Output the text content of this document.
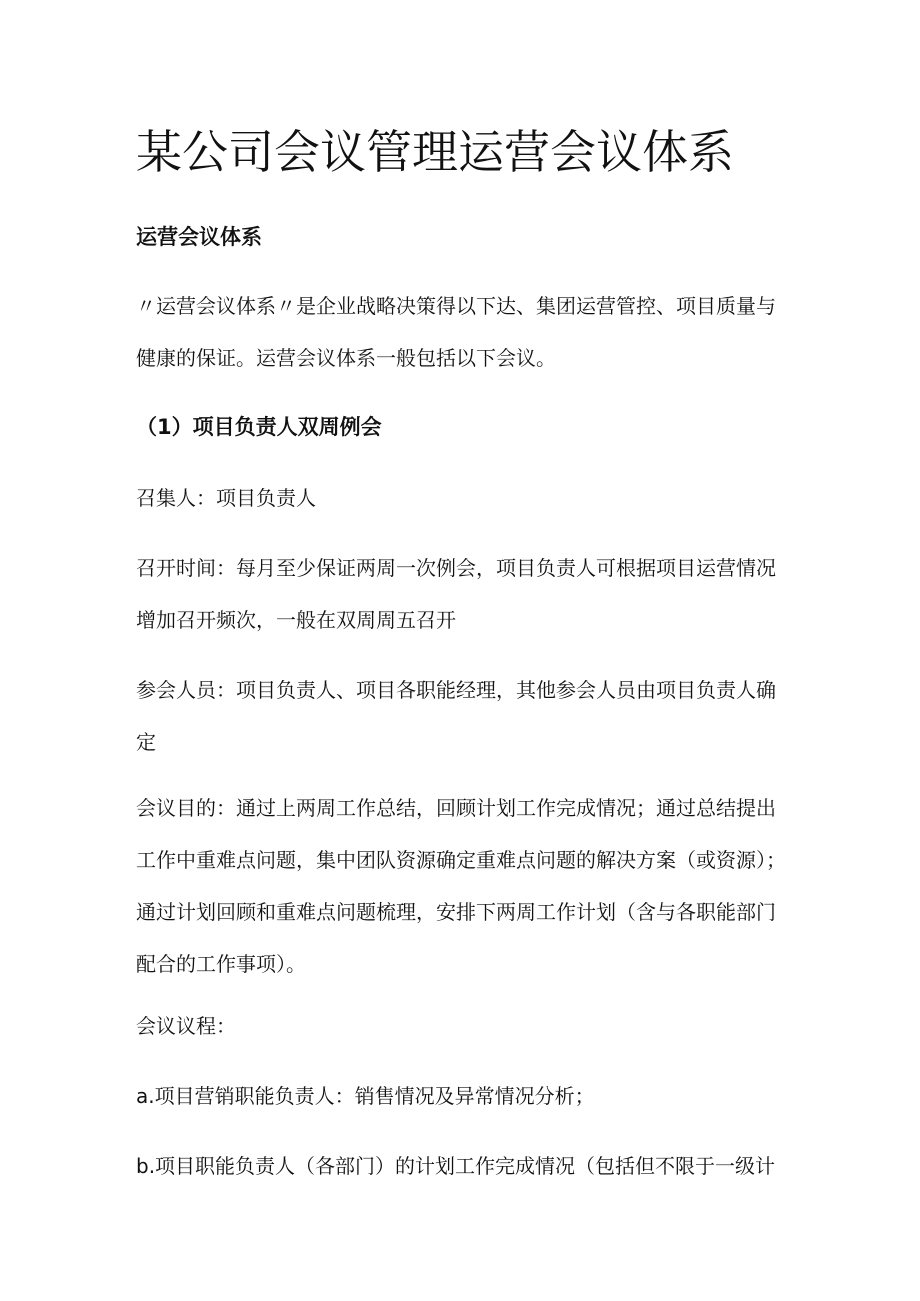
某公司会议管理运营会议体系
运营会议体系

〃运营会议体系〃是企业战略决策得以下达、集团运营管控、项目质量与
健康的保证。运营会议体系一般包括以下会议。

（1）项目负责人双周例会

召集人：项目负责人

召开时间：每月至少保证两周一次例会，项目负责人可根据项目运营情况
增加召开频次，一般在双周周五召开

参会人员：项目负责人、项目各职能经理，其他参会人员由项目负责人确
定

会议目的：通过上两周工作总结，回顾计划工作完成情况；通过总结提出
工作中重难点问题，集中团队资源确定重难点问题的解决方案（或资源）；
通过计划回顾和重难点问题梳理，安排下两周工作计划（含与各职能部门
配合的工作事项）。

会议议程：

a.项目营销职能负责人：销售情况及异常情况分析；

b.项目职能负责人（各部门）的计划工作完成情况（包括但不限于一级计
